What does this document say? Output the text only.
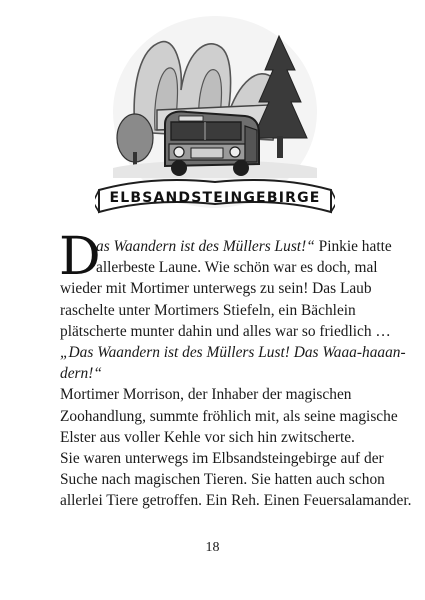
ELBSANDSTEINGEBIRGE

D
as Waandern ist des Müllers Lust!“ Pinkie hatte
allerbeste Laune. Wie schön war es doch, mal
wieder mit Mortimer unterwegs zu sein! Das Laub
raschelte unter Mortimers Stiefeln, ein Bächlein
plätscherte munter dahin und alles war so friedlich …
„Das Waandern ist des Müllers Lust! Das Waaa-haaan-
dern!“

Mortimer Morrison, der Inhaber der magischen
Zoohandlung, summte fröhlich mit, als seine magische
Elster aus voller Kehle vor sich hin zwitscherte.

Sie waren unterwegs im Elbsandsteingebirge auf der
Suche nach magischen Tieren. Sie hatten auch schon
allerlei Tiere getroffen. Ein Reh. Einen Feuersalamander.

18
